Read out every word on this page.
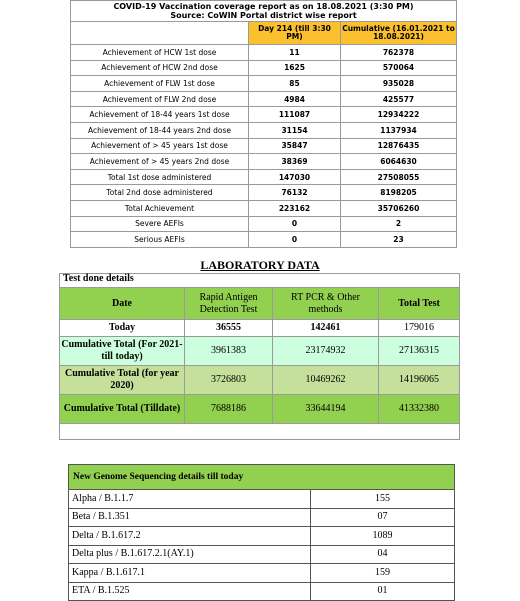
COVID-19 Vaccination coverage report as on 18.08.2021 (3:30 PM)
Source: CoWIN Portal district wise report		

	Day 214 (till 3:30 PM)	Cumulative (16.01.2021 to 18.08.2021)
Achievement of HCW 1st dose	11	762378
Achievement of HCW 2nd dose	1625	570064
Achievement of FLW 1st dose	85	935028
Achievement of FLW 2nd dose	4984	425577
Achievement of 18-44 years 1st dose	111087	12934222
Achievement of 18-44 years 2nd dose	31154	1137934
Achievement of > 45 years 1st dose	35847	12876435
Achievement of > 45 years 2nd dose	38369	6064630
Total 1st dose administered	147030	27508055
Total 2nd dose administered	76132	8198205
Total Achievement	223162	35706260
Severe AEFIs	0	2
Serious AEFIs	0	23
LABORATORY DATA
Test done details
Date	Rapid Antigen Detection Test	RT PCR & Other methods	Total Test
Today	36555	142461	179016
Cumulative Total (For 2021- till today)	3961383	23174932	27136315
Cumulative Total (for year 2020)	3726803	10469262	14196065
Cumulative Total (Tilldate)	7688186	33644194	41332380
New Genome Sequencing details till today	
Alpha / B.1.1.7	155
Beta / B.1.351	07
Delta / B.1.617.2	1089
Delta plus / B.1.617.2.1(AY.1)	04
Kappa / B.1.617.1	159
ETA / B.1.525	01
